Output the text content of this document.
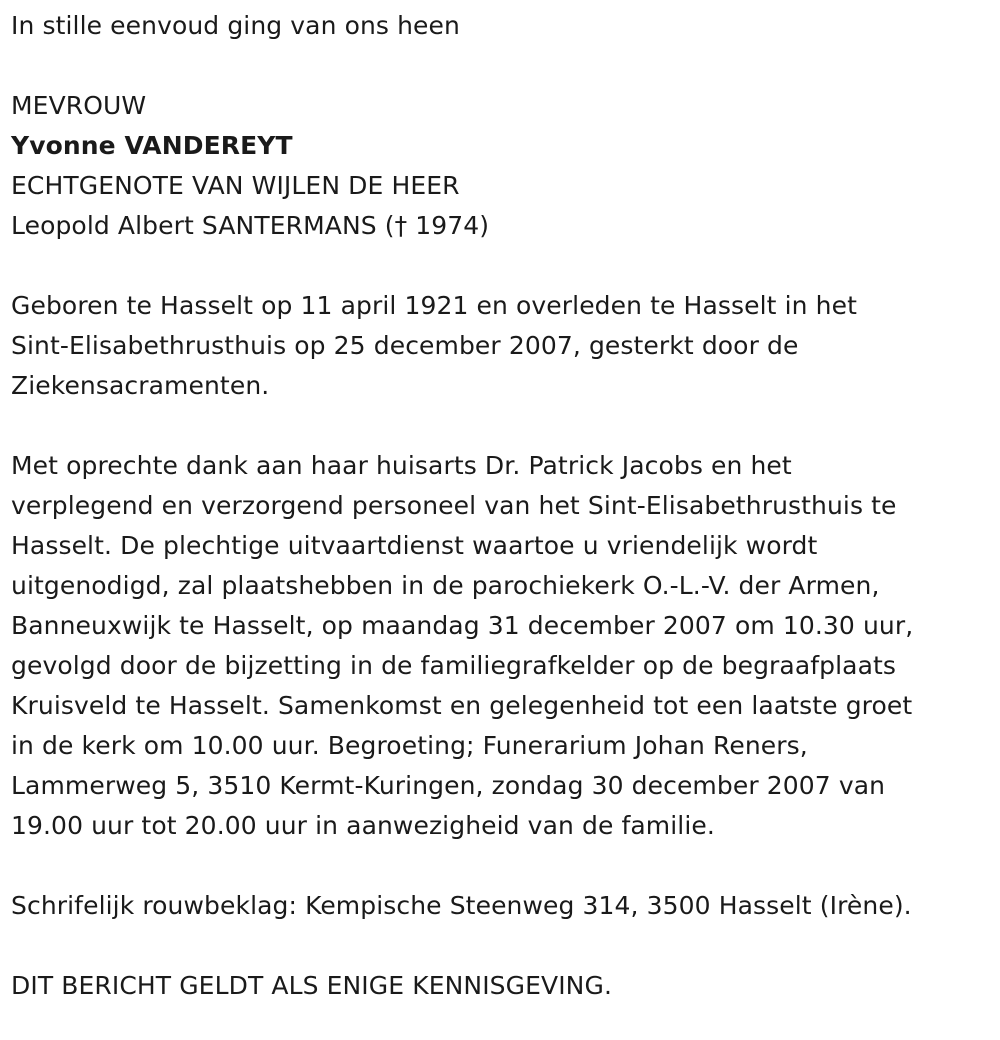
In stille eenvoud ging van ons heen
MEVROUW
Yvonne VANDEREYT
ECHTGENOTE VAN WIJLEN DE HEER
Leopold Albert SANTERMANS († 1974)
Geboren te Hasselt op 11 april 1921 en overleden te Hasselt in het
Sint-Elisabethrusthuis op 25 december 2007, gesterkt door de
Ziekensacramenten.
Met oprechte dank aan haar huisarts Dr. Patrick Jacobs en het
verplegend en verzorgend personeel van het Sint-Elisabethrusthuis te
Hasselt. De plechtige uitvaartdienst waartoe u vriendelijk wordt
uitgenodigd, zal plaatshebben in de parochiekerk O.-L.-V. der Armen,
Banneuxwijk te Hasselt, op maandag 31 december 2007 om 10.30 uur,
gevolgd door de bijzetting in de familiegrafkelder op de begraafplaats
Kruisveld te Hasselt. Samenkomst en gelegenheid tot een laatste groet
in de kerk om 10.00 uur. Begroeting; Funerarium Johan Reners,
Lammerweg 5, 3510 Kermt-Kuringen, zondag 30 december 2007 van
19.00 uur tot 20.00 uur in aanwezigheid van de familie.
Schrifelijk rouwbeklag: Kempische Steenweg 314, 3500 Hasselt (Irène).
DIT BERICHT GELDT ALS ENIGE KENNISGEVING.
